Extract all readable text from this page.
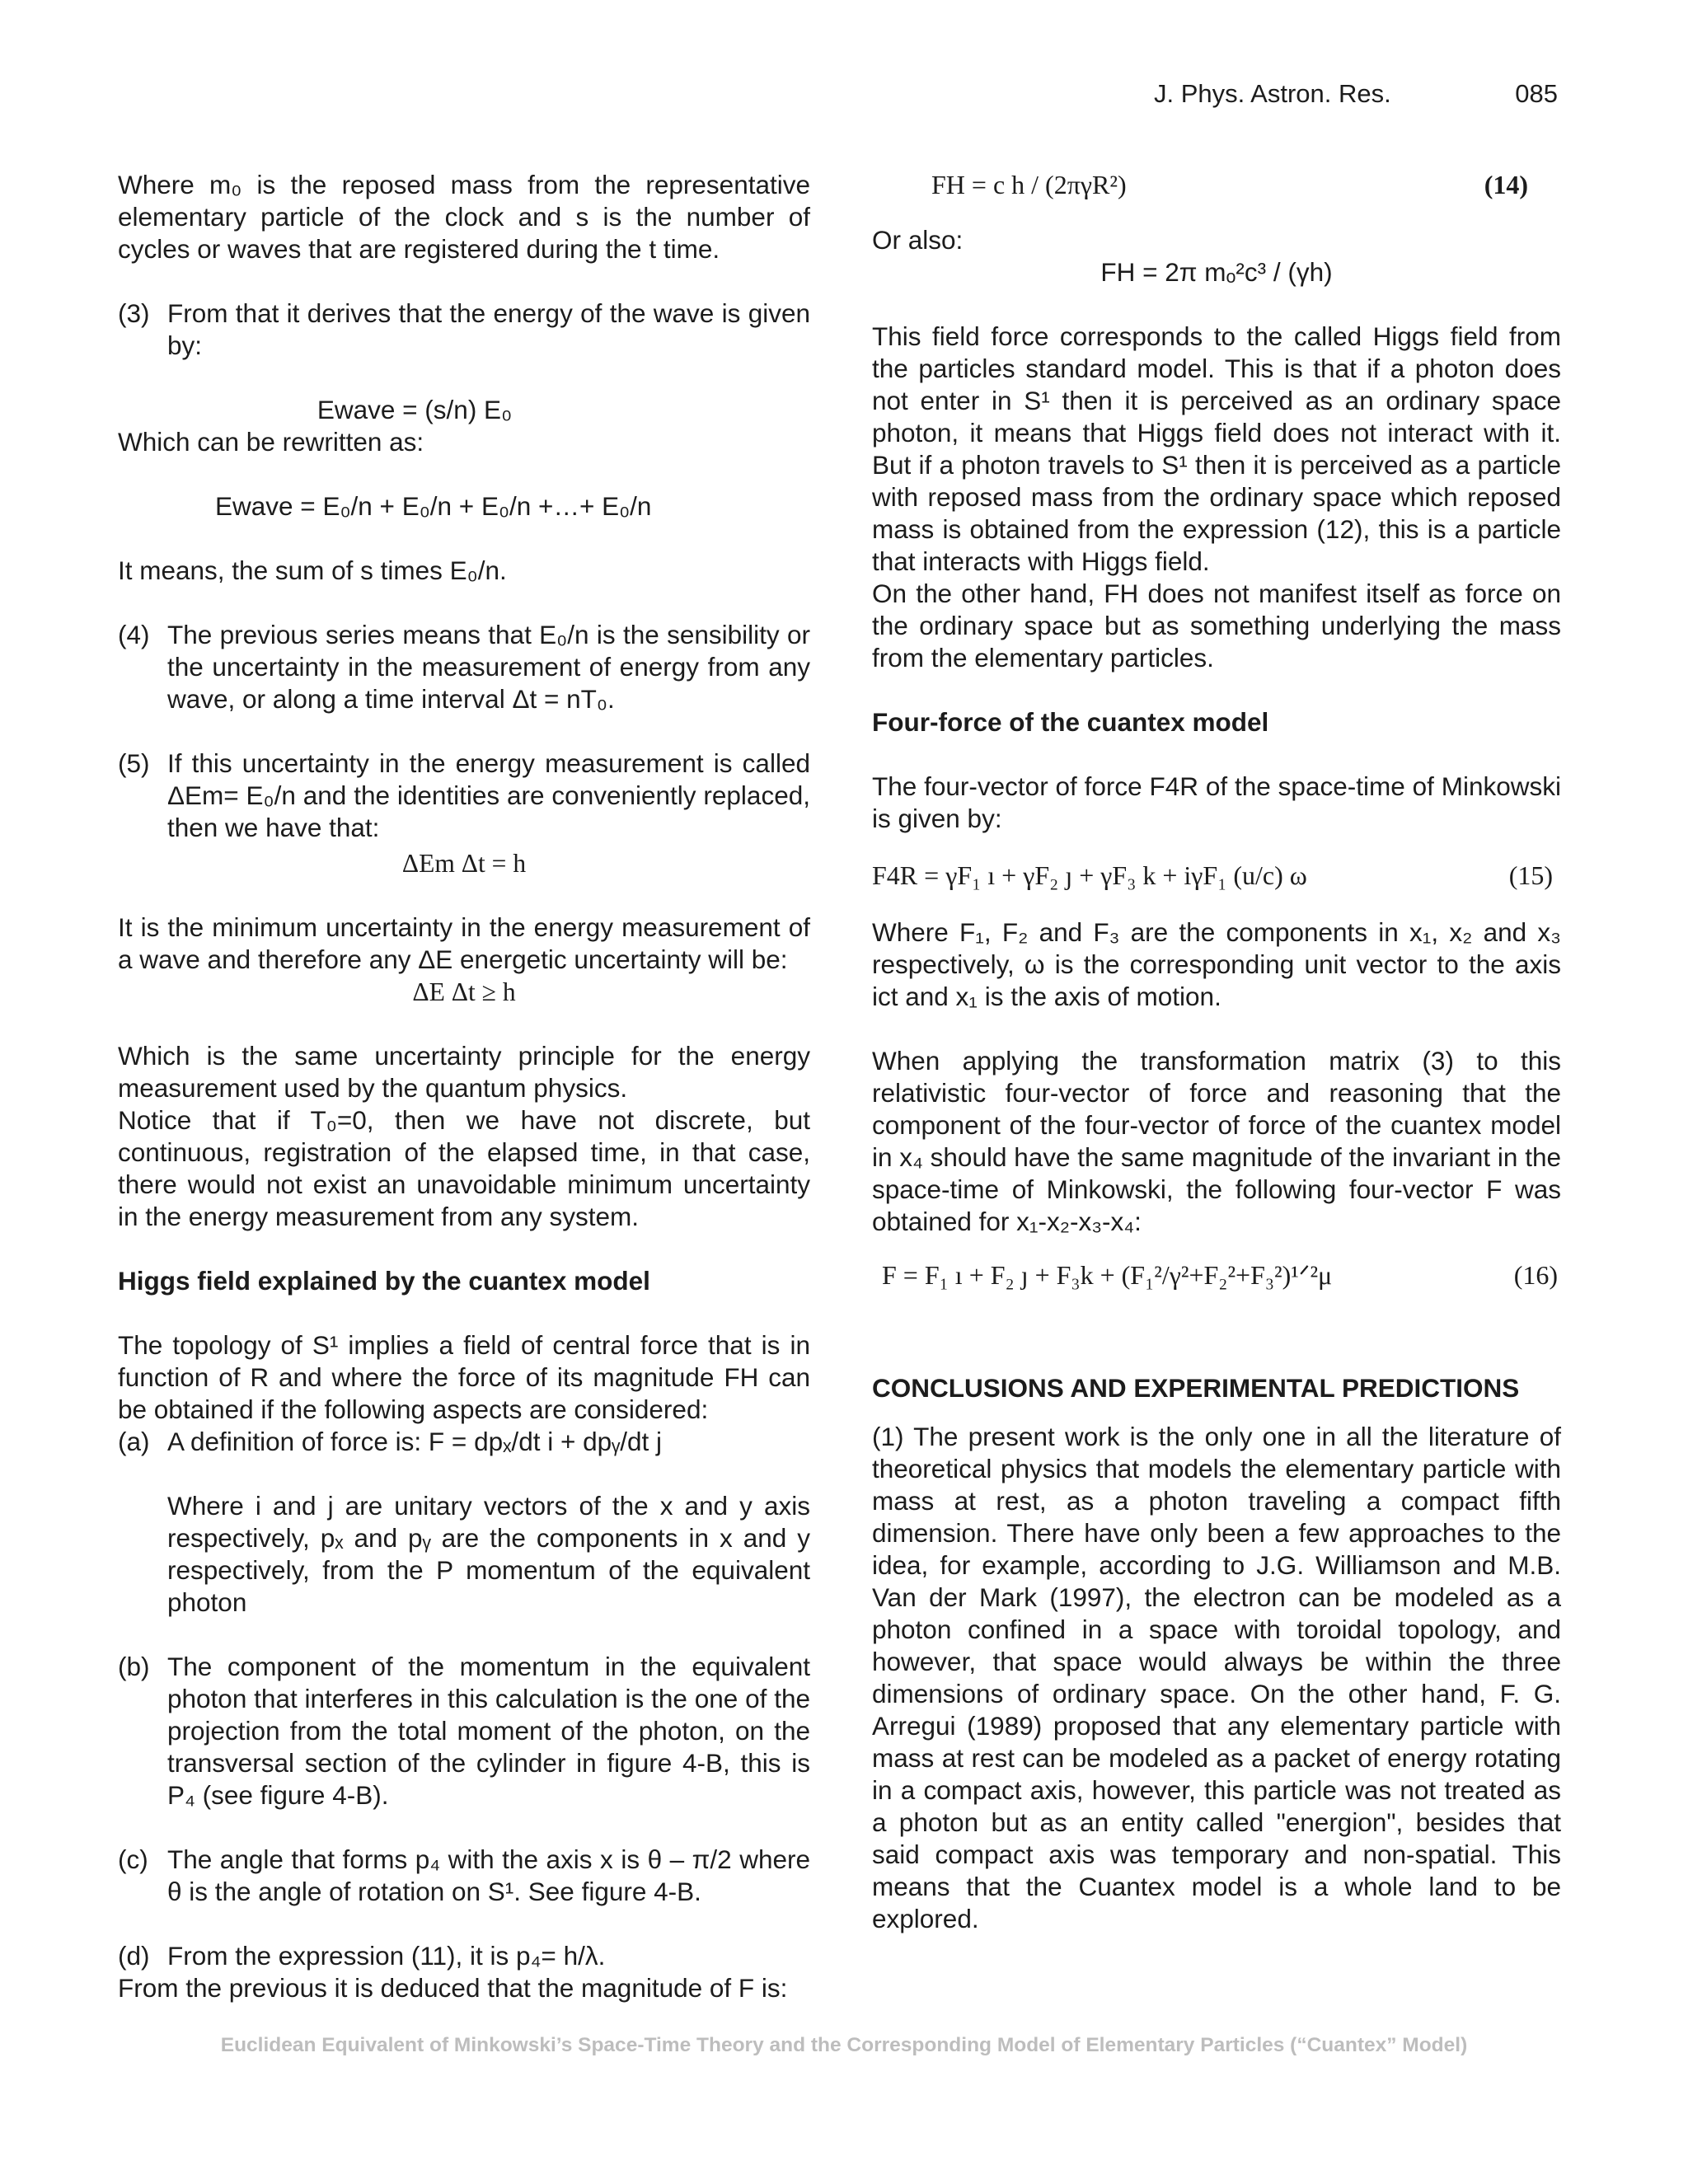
J. Phys. Astron. Res.	085

Where m₀ is the reposed mass from the representative elementary particle of the clock and s is the number of cycles or waves that are registered during the t time.

(3) From that it derives that the energy of the wave is given by:
Ewave = (s/n) E₀

Which can be rewritten as:

Ewave = E₀/n + E₀/n + E₀/n +…+ E₀/n

It means, the sum of s times E₀/n.

(4) The previous series means that E₀/n is the sensibility or the uncertainty in the measurement of energy from any wave, or along a time interval Δt = nT₀.
(5) If this uncertainty in the energy measurement is called ΔEm= E₀/n and the identities are conveniently replaced, then we have that:
ΔEm Δt = h

It is the minimum uncertainty in the energy measurement of a wave and therefore any ΔE energetic uncertainty will be:

ΔE Δt ≥ h

Which is the same uncertainty principle for the energy measurement used by the quantum physics.

Notice that if T₀=0, then we have not discrete, but continuous, registration of the elapsed time, in that case, there would not exist an unavoidable minimum uncertainty in the energy measurement from any system.

Higgs field explained by the cuantex model

The topology of S¹ implies a field of central force that is in function of R and where the force of its magnitude FH can be obtained if the following aspects are considered:

(a) A definition of force is: F = dpₓ/dt i + dpᵧ/dt j
Where i and j are unitary vectors of the x and y axis respectively, pₓ and pᵧ are the components in x and y respectively, from the P momentum of the equivalent photon
(b) The component of the momentum in the equivalent photon that interferes in this calculation is the one of the projection from the total moment of the photon, on the transversal section of the cylinder in figure 4-B, this is P₄ (see figure 4-B).
(c) The angle that forms p₄ with the axis x is θ – π/2 where θ is the angle of rotation on S¹. See figure 4-B.
(d) From the expression (11), it is p₄= h/λ.

From the previous it is deduced that the magnitude of F is:

FH = c h / (2πγR²)	(14)

Or also:

FH = 2π mₒ²c³ / (γh)

This field force corresponds to the called Higgs field from the particles standard model. This is that if a photon does not enter in S¹ then it is perceived as an ordinary space photon, it means that Higgs field does not interact with it. But if a photon travels to S¹ then it is perceived as a particle with reposed mass from the ordinary space which reposed mass is obtained from the expression (12), this is a particle that interacts with Higgs field.

On the other hand, FH does not manifest itself as force on the ordinary space but as something underlying the mass from the elementary particles.

Four-force of the cuantex model

The four-vector of force F4R of the space-time of Minkowski is given by:

F4R = γF₁ ı + γF₂ ȷ + γF₃ k + iγF₁ (u/c) ω	(15)

Where F₁, F₂ and F₃ are the components in x₁, x₂ and x₃ respectively, ω is the corresponding unit vector to the axis ict and x₁ is the axis of motion.

When applying the transformation matrix (3) to this relativistic four-vector of force and reasoning that the component of the four-vector of force of the cuantex model in x₄ should have the same magnitude of the invariant in the space-time of Minkowski, the following four-vector F was obtained for x₁-x₂-x₃-x₄:

F = F₁ ı + F₂ ȷ + F₃k + (F₁²/γ²+F₂²+F₃²)¹ᐟ²μ	(16)
CONCLUSIONS AND EXPERIMENTAL PREDICTIONS

(1) The present work is the only one in all the literature of theoretical physics that models the elementary particle with mass at rest, as a photon traveling a compact fifth dimension. There have only been a few approaches to the idea, for example, according to J.G. Williamson and M.B. Van der Mark (1997), the electron can be modeled as a photon confined in a space with toroidal topology, and however, that space would always be within the three dimensions of ordinary space. On the other hand, F. G. Arregui (1989) proposed that any elementary particle with mass at rest can be modeled as a packet of energy rotating in a compact axis, however, this particle was not treated as a photon but as an entity called "energion", besides that said compact axis was temporary and non-spatial. This means that the Cuantex model is a whole land to be explored.

Euclidean Equivalent of Minkowski’s Space-Time Theory and the Corresponding Model of Elementary Particles (“Cuantex” Model)
